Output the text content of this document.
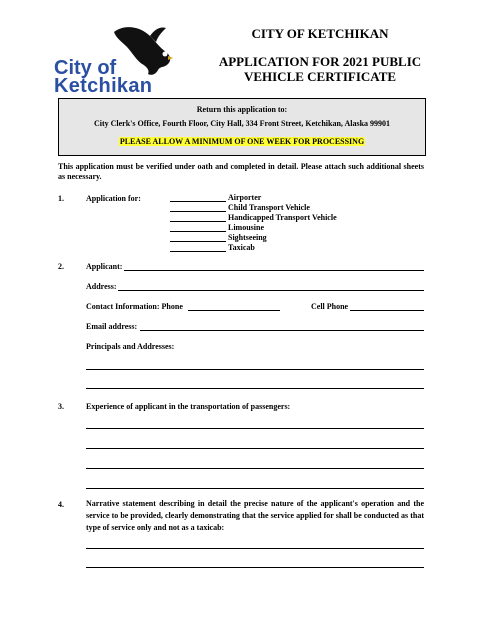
City of
Ketchikan
CITY OF KETCHIKAN
APPLICATION FOR 2021 PUBLIC
VEHICLE CERTIFICATE
Return this application to:
City Clerk's Office, Fourth Floor, City Hall, 334 Front Street, Ketchikan, Alaska 99901
PLEASE ALLOW A MINIMUM OF ONE WEEK FOR PROCESSING
This application must be verified under oath and completed in detail. Please attach such additional sheets as necessary.
1.	Application for:	Airporter
Child Transport Vehicle
Handicapped Transport Vehicle
Limousine
Sightseeing
Taxicab
2.	Applicant:
Address:
Contact Information: Phone	Cell Phone
Email address:
Principals and Addresses:
3.	Experience of applicant in the transportation of passengers:
4.	Narrative statement describing in detail the precise nature of the applicant's operation and the service to be provided, clearly demonstrating that the service applied for shall be conducted as that type of service only and not as a taxicab:
